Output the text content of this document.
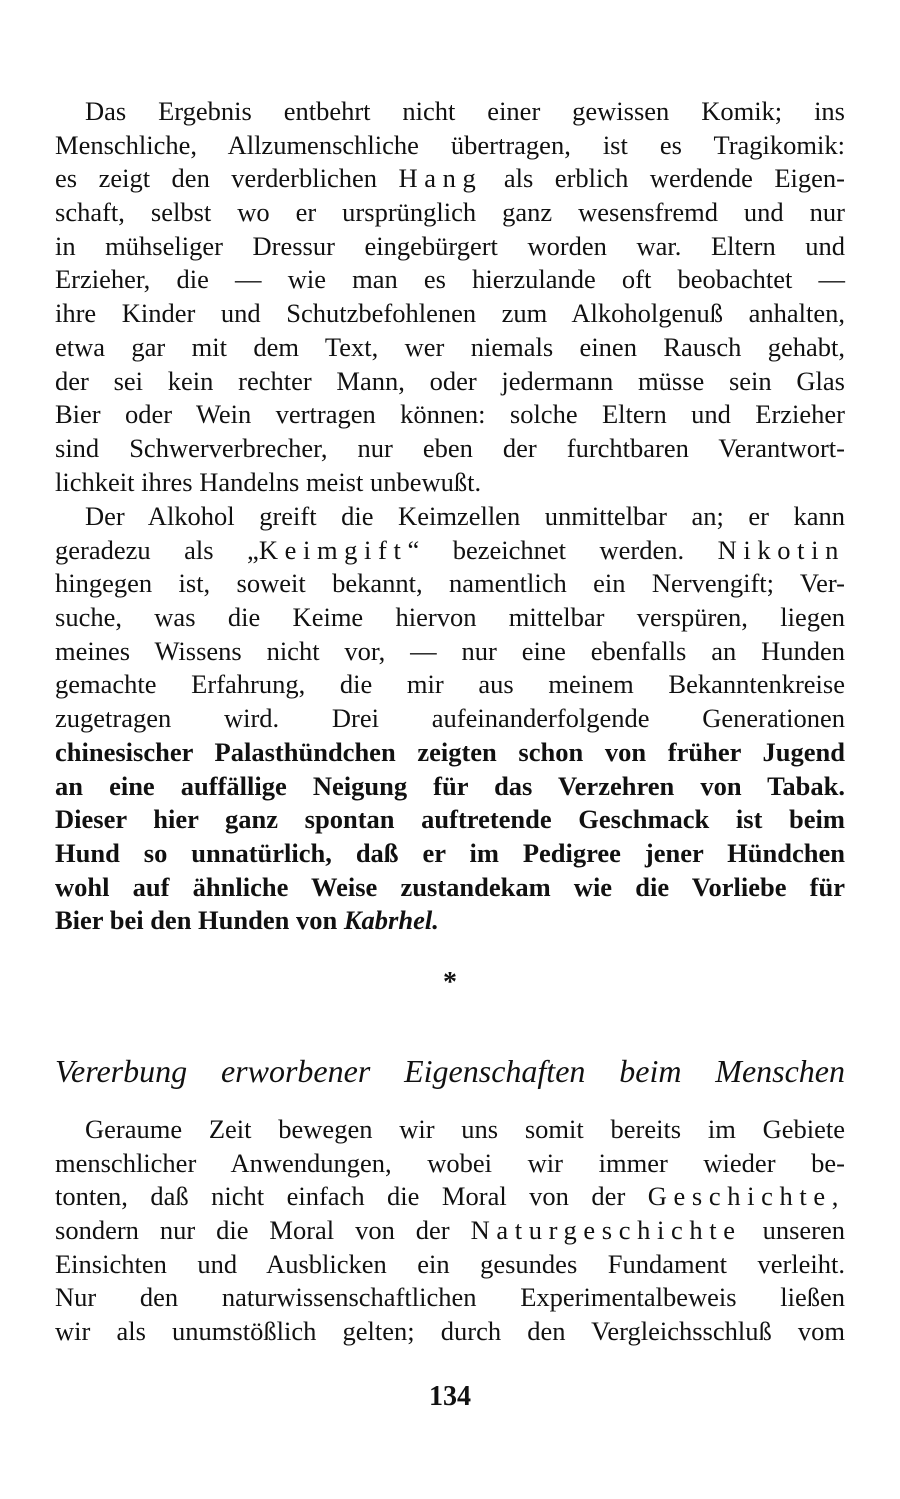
Das Ergebnis entbehrt nicht einer gewissen Komik; ins
Menschliche, Allzumenschliche übertragen, ist es Tragikomik:
es zeigt den verderblichen Hang als erblich werdende Eigen-
schaft, selbst wo er ursprünglich ganz wesensfremd und nur
in mühseliger Dressur eingebürgert worden war. Eltern und
Erzieher, die — wie man es hierzulande oft beobachtet —
ihre Kinder und Schutzbefohlenen zum Alkoholgenuß anhalten,
etwa gar mit dem Text, wer niemals einen Rausch gehabt,
der sei kein rechter Mann, oder jedermann müsse sein Glas
Bier oder Wein vertragen können: solche Eltern und Erzieher
sind Schwerverbrecher, nur eben der furchtbaren Verantwort-
lichkeit ihres Handelns meist unbewußt.
Der Alkohol greift die Keimzellen unmittelbar an; er kann
geradezu als „Keimgift“ bezeichnet werden. Nikotin
hingegen ist, soweit bekannt, namentlich ein Nervengift; Ver-
suche, was die Keime hiervon mittelbar verspüren, liegen
meines Wissens nicht vor, — nur eine ebenfalls an Hunden
gemachte Erfahrung, die mir aus meinem Bekanntenkreise
zugetragen wird. Drei aufeinanderfolgende Generationen
chinesischer Palasthündchen zeigten schon von früher Jugend
an eine auffällige Neigung für das Verzehren von Tabak.
Dieser hier ganz spontan auftretende Geschmack ist beim
Hund so unnatürlich, daß er im Pedigree jener Hündchen
wohl auf ähnliche Weise zustandekam wie die Vorliebe für
Bier bei den Hunden von Kabrhel.
*
Vererbung erworbener Eigenschaften beim Menschen
Geraume Zeit bewegen wir uns somit bereits im Gebiete
menschlicher Anwendungen, wobei wir immer wieder be-
tonten, daß nicht einfach die Moral von der Geschichte,
sondern nur die Moral von der Naturgeschichte unseren
Einsichten und Ausblicken ein gesundes Fundament verleiht.
Nur den naturwissenschaftlichen Experimentalbeweis ließen
wir als unumstößlich gelten; durch den Vergleichsschluß vom
134
